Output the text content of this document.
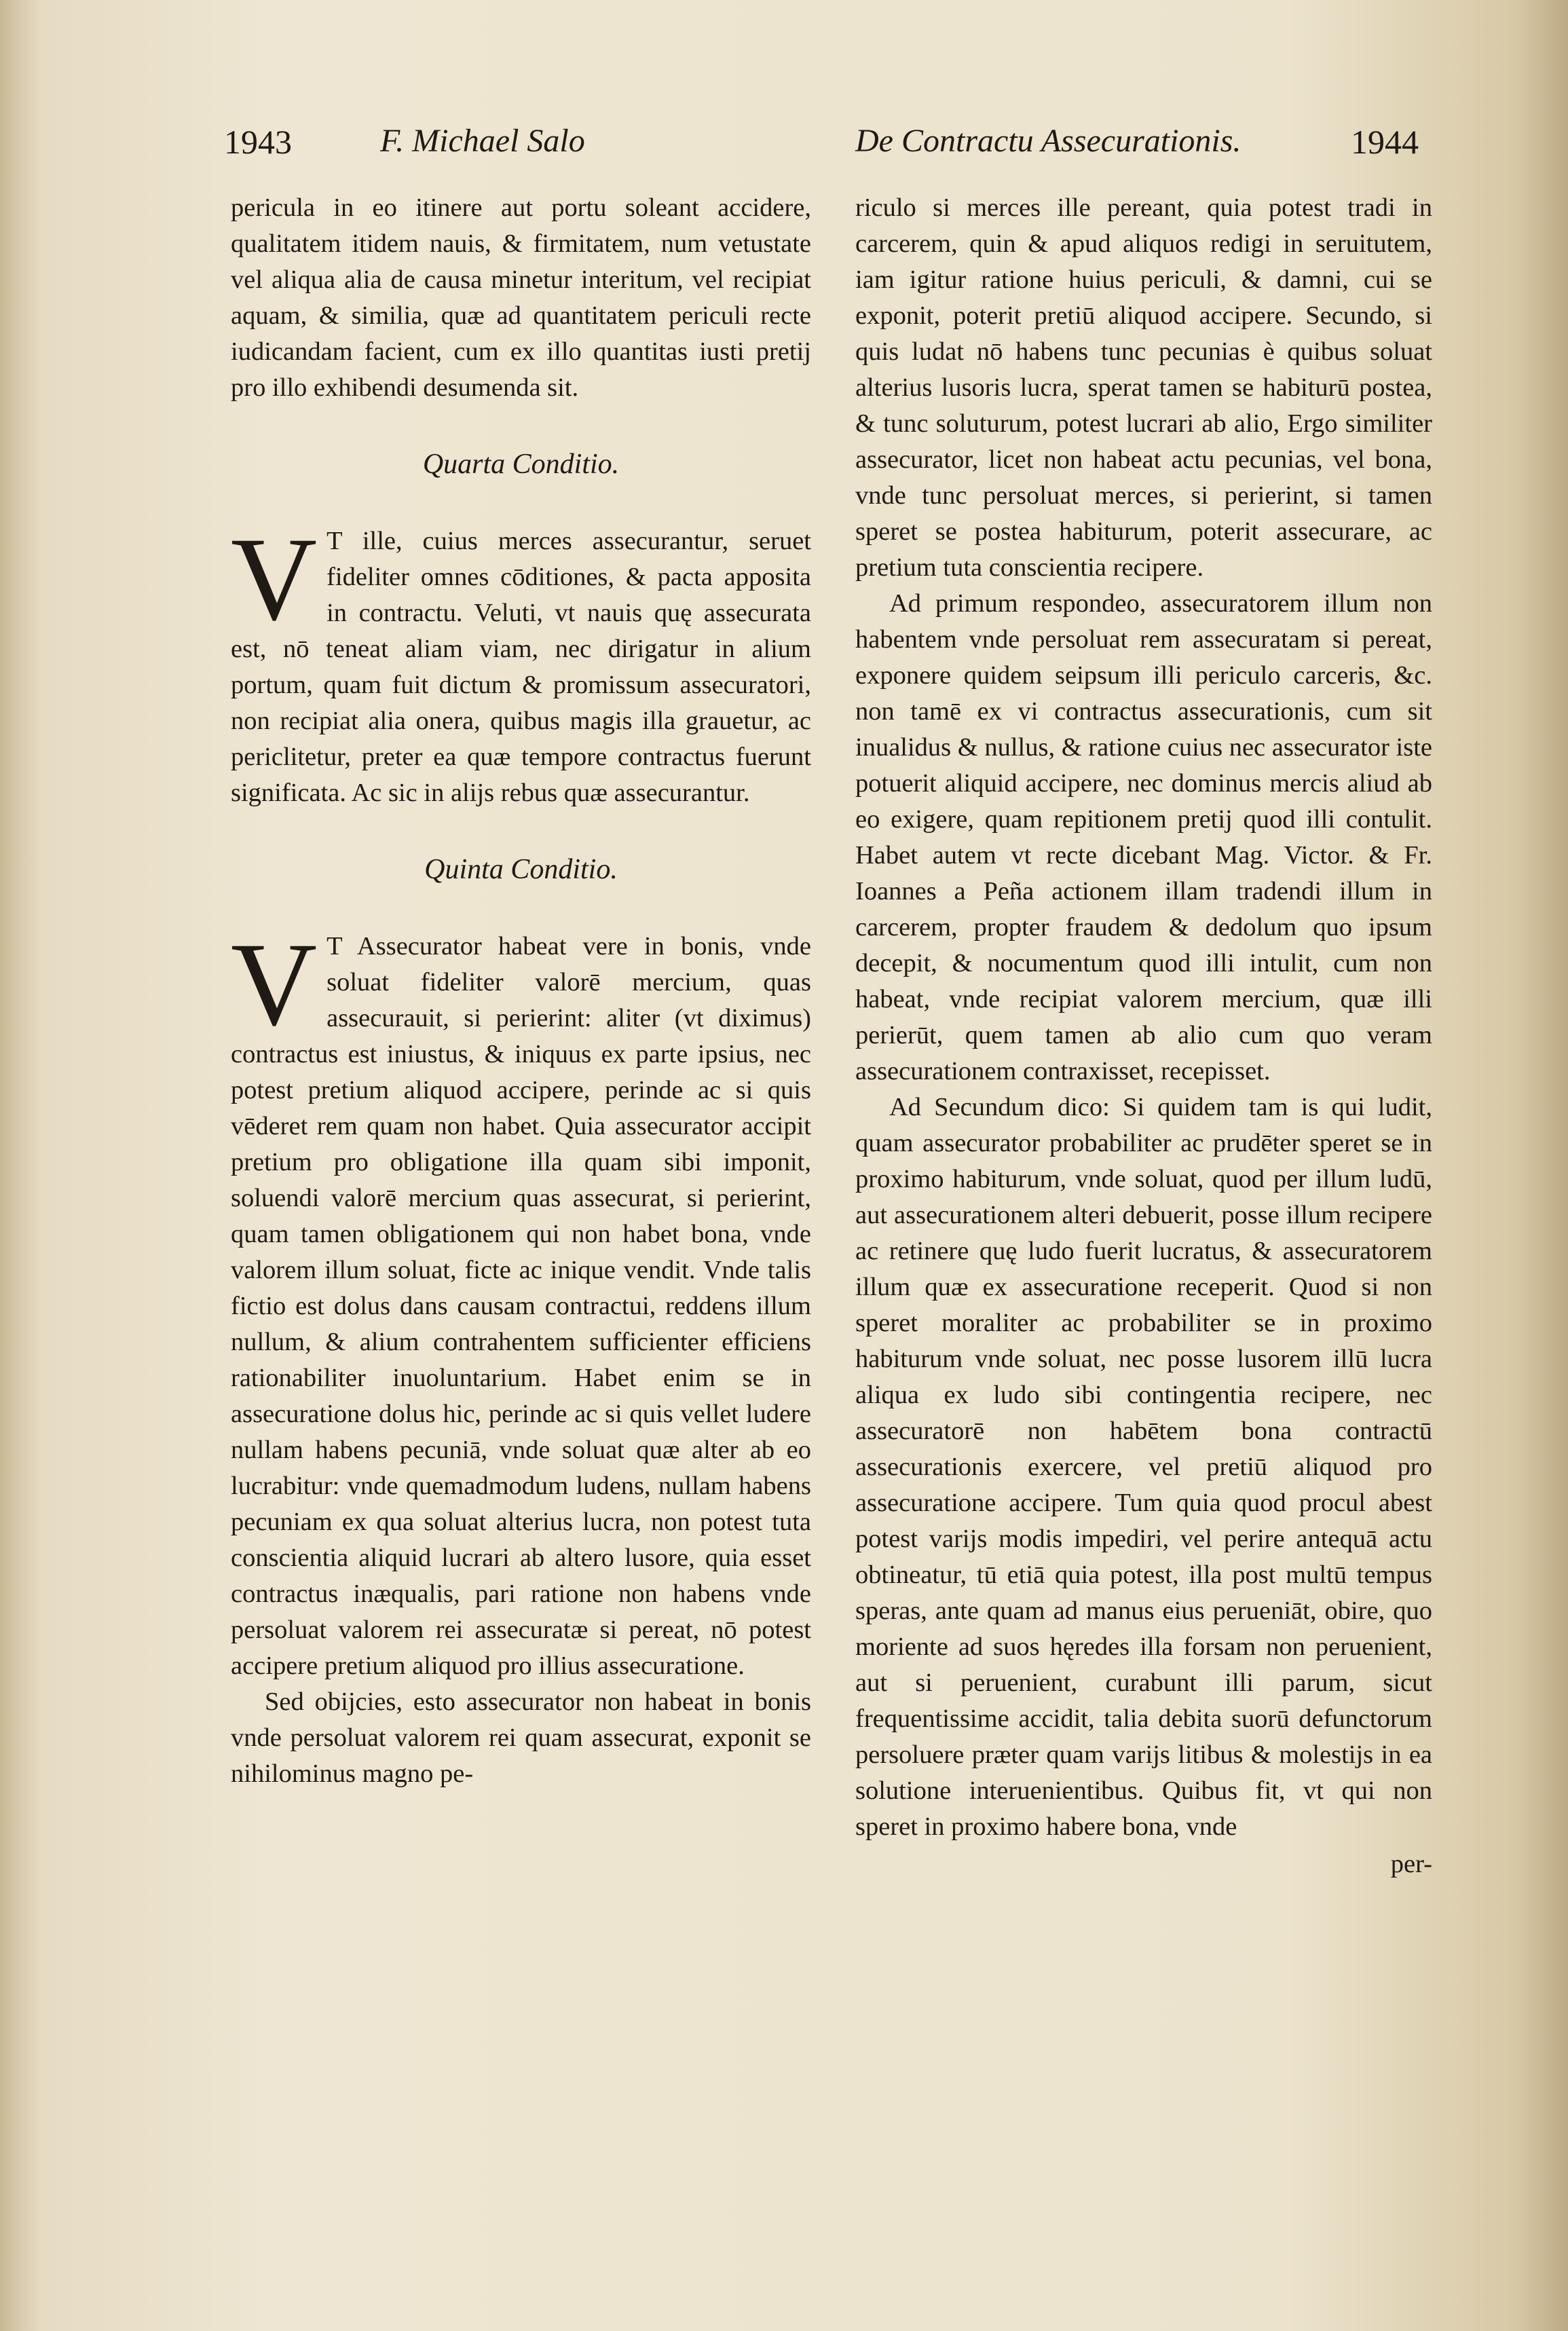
1943	F. Michael Salo	De Contractu Assecurationis.	1944

pericula in eo itinere aut portu soleant accidere, qualitatem itidem nauis, & firmitatem, num vetustate vel aliqua alia de causa minetur interitum, vel recipiat aquam, & similia, quæ ad quantitatem periculi recte iudicandam facient, cum ex illo quantitas iusti pretij pro illo exhibendi desumenda sit.

Quarta Conditio.

V T ille, cuius merces assecurantur, seruet fideliter omnes cōditiones, & pacta apposita in contractu. Veluti, vt nauis quę assecurata est, nō teneat aliam viam, nec dirigatur in alium portum, quam fuit dictum & promissum assecuratori, non recipiat alia onera, quibus magis illa grauetur, ac periclitetur, preter ea quæ tempore contractus fuerunt significata. Ac sic in alijs rebus quæ assecurantur.

Quinta Conditio.

V T Assecurator habeat vere in bonis, vnde soluat fideliter valorē mercium, quas assecurauit, si perierint: aliter (vt diximus) contractus est iniustus, & iniquus ex parte ipsius, nec potest pretium aliquod accipere, perinde ac si quis vēderet rem quam non habet. Quia assecurator accipit pretium pro obligatione illa quam sibi imponit, soluendi valorē mercium quas assecurat, si perierint, quam tamen obligationem qui non habet bona, vnde valorem illum soluat, ficte ac inique vendit. Vnde talis fictio est dolus dans causam contractui, reddens illum nullum, & alium contrahentem sufficienter efficiens rationabiliter inuoluntarium. Habet enim se in assecuratione dolus hic, perinde ac si quis vellet ludere nullam habens pecuniā, vnde soluat quæ alter ab eo lucrabitur: vnde quemadmodum ludens, nullam habens pecuniam ex qua soluat alterius lucra, non potest tuta conscientia aliquid lucrari ab altero lusore, quia esset contractus inæqualis, pari ratione non habens vnde persoluat valorem rei assecuratæ si pereat, nō potest accipere pretium aliquod pro illius assecuratione.

Sed obijcies, esto assecurator non habeat in bonis vnde persoluat valorem rei quam assecurat, exponit se nihilominus magno pe-

riculo si merces ille pereant, quia potest tradi in carcerem, quin & apud aliquos redigi in seruitutem, iam igitur ratione huius periculi, & damni, cui se exponit, poterit pretiū aliquod accipere. Secundo, si quis ludat nō habens tunc pecunias è quibus soluat alterius lusoris lucra, sperat tamen se habiturū postea, & tunc soluturum, potest lucrari ab alio, Ergo similiter assecurator, licet non habeat actu pecunias, vel bona, vnde tunc persoluat merces, si perierint, si tamen speret se postea habiturum, poterit assecurare, ac pretium tuta conscientia recipere.

Ad primum respondeo, assecuratorem illum non habentem vnde persoluat rem assecuratam si pereat, exponere quidem seipsum illi periculo carceris, &c. non tamē ex vi contractus assecurationis, cum sit inualidus & nullus, & ratione cuius nec assecurator iste potuerit aliquid accipere, nec dominus mercis aliud ab eo exigere, quam repitionem pretij quod illi contulit. Habet autem vt recte dicebant Mag. Victor. & Fr. Ioannes a Peña actionem illam tradendi illum in carcerem, propter fraudem & dedolum quo ipsum decepit, & nocumentum quod illi intulit, cum non habeat, vnde recipiat valorem mercium, quæ illi perierūt, quem tamen ab alio cum quo veram assecurationem contraxisset, recepisset.

Ad Secundum dico: Si quidem tam is qui ludit, quam assecurator probabiliter ac prudēter speret se in proximo habiturum, vnde soluat, quod per illum ludū, aut assecurationem alteri debuerit, posse illum recipere ac retinere quę ludo fuerit lucratus, & assecuratorem illum quæ ex assecuratione receperit. Quod si non speret moraliter ac probabiliter se in proximo habiturum vnde soluat, nec posse lusorem illū lucra aliqua ex ludo sibi contingentia recipere, nec assecuratorē non habētem bona contractū assecurationis exercere, vel pretiū aliquod pro assecuratione accipere. Tum quia quod procul abest potest varijs modis impediri, vel perire antequā actu obtineatur, tū etiā quia potest, illa post multū tempus speras, ante quam ad manus eius perueniāt, obire, quo moriente ad suos hęredes illa forsam non peruenient, aut si peruenient, curabunt illi parum, sicut frequentissime accidit, talia debita suorū defunctorum persoluere præter quam varijs litibus & molestijs in ea solutione interuenientibus. Quibus fit, vt qui non speret in proximo habere bona, vnde

per-
